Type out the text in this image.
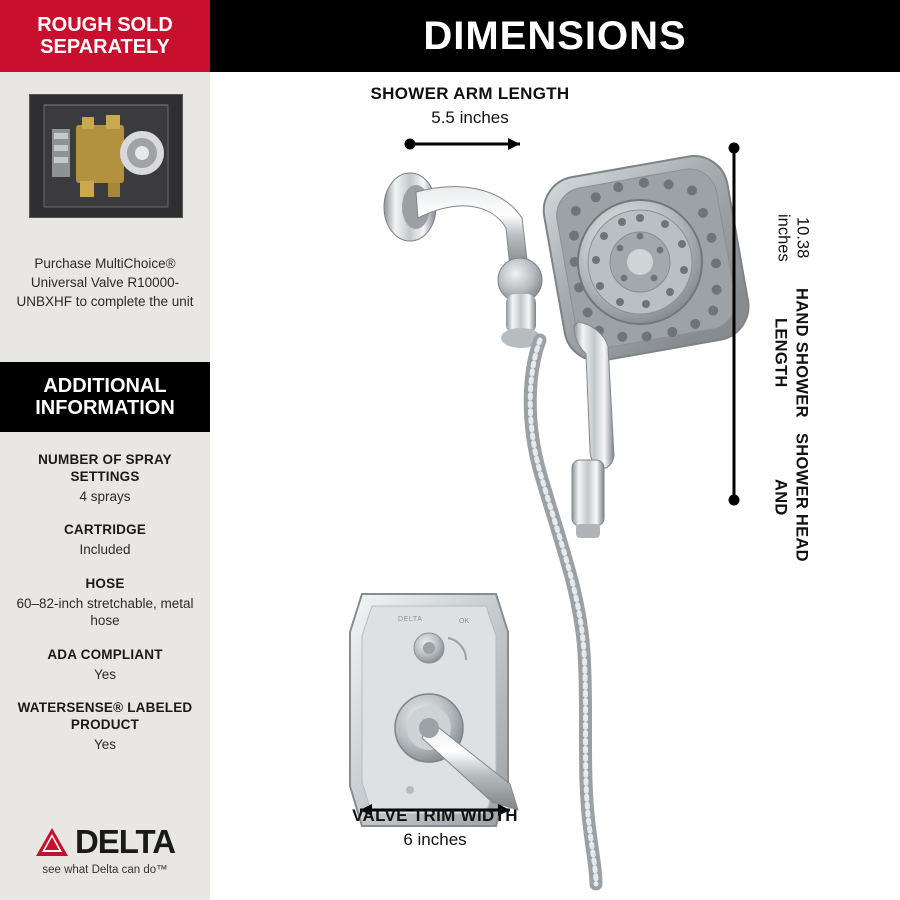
DIMENSIONS
ROUGH SOLD
SEPARATELY
Purchase MultiChoice® Universal Valve R10000-UNBXHF to complete the unit
ADDITIONAL
INFORMATION
NUMBER OF SPRAY SETTINGS
4 sprays
CARTRIDGE
Included
HOSE
60–82-inch stretchable, metal hose
ADA COMPLIANT
Yes
WATERSENSE® LABELED PRODUCT
Yes
DELTA
see what Delta can do™
DELTA	OK
SHOWER ARM LENGTH
5.5 inches
VALVE TRIM WIDTH
6 inches
10.38 inches
HAND SHOWER LENGTH
SHOWER HEAD AND
